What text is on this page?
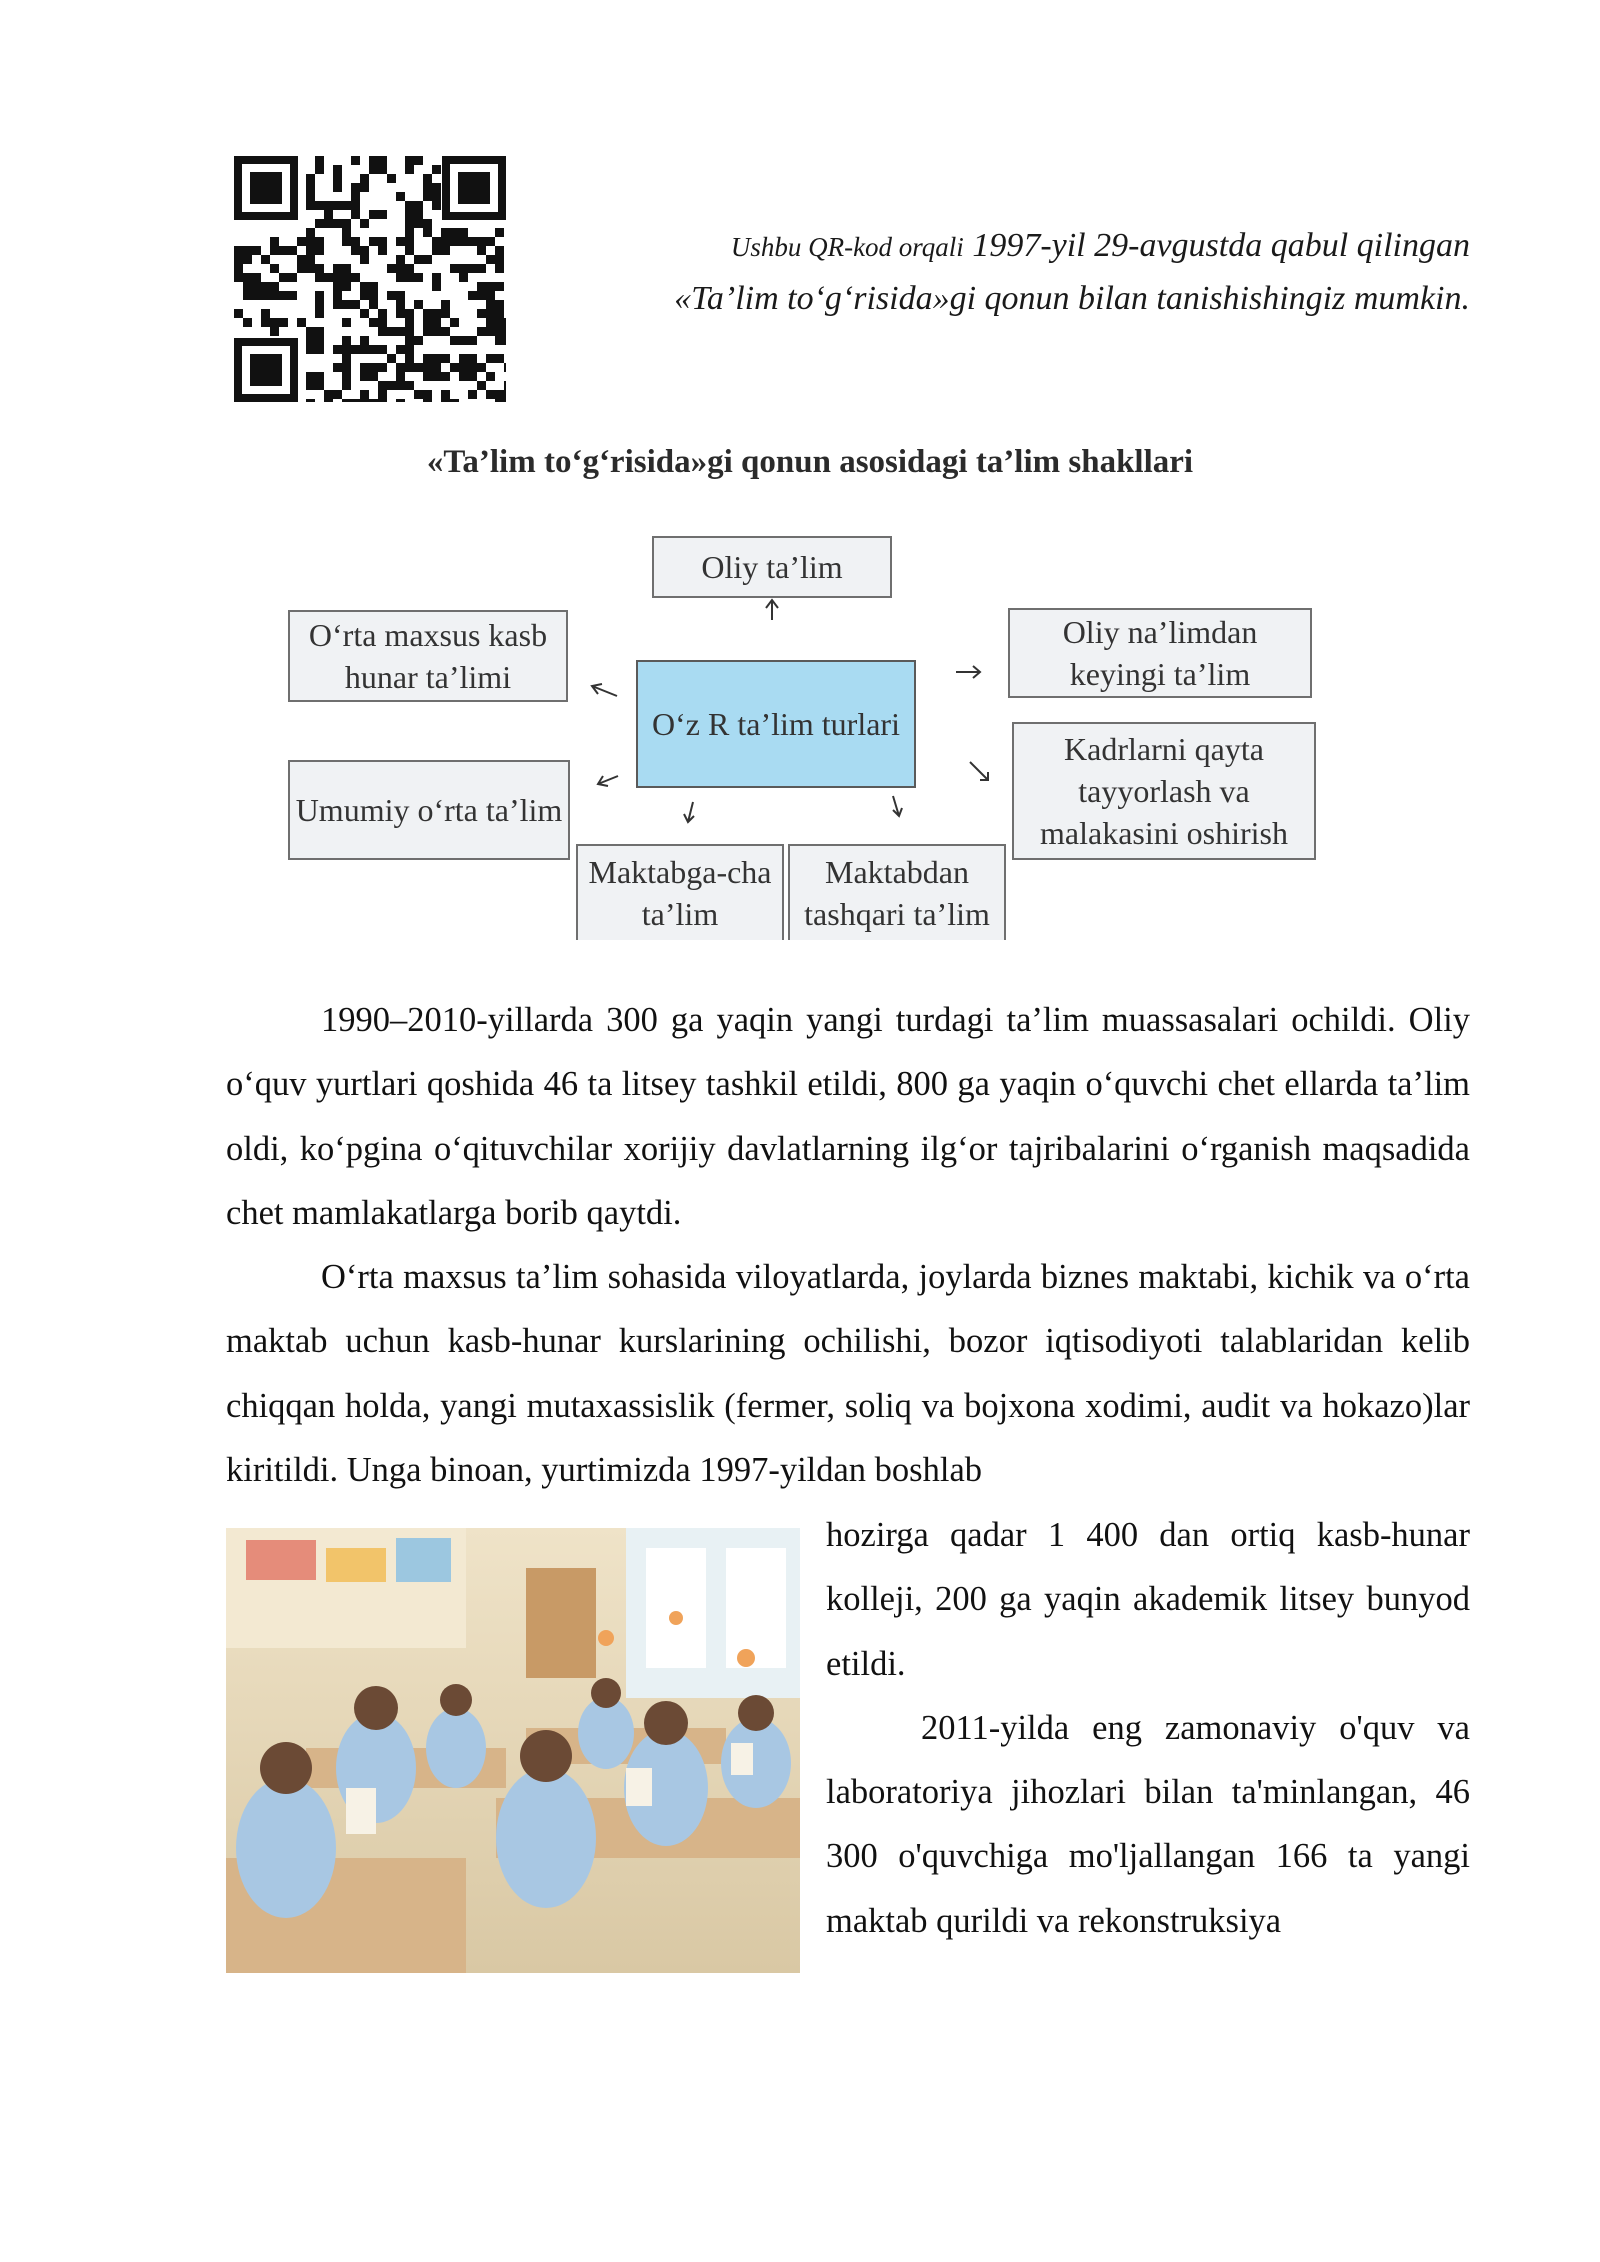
Ushbu QR-kod orqali 1997-yil 29-avgustda qabul qilingan
«Ta’lim to‘g‘risida»gi qonun bilan tanishishingiz mumkin.
«Ta’lim to‘g‘risida»gi qonun asosidagi ta’lim shakllari
Oliy ta’lim
O‘rta maxsus kasb hunar ta’limi
O‘z R ta’lim turlari
Umumiy o‘rta ta’lim
Maktabga-cha ta’lim
Maktabdan tashqari ta’lim
Oliy na’limdan keyingi ta’lim
Kadrlarni qayta tayyorlash va malakasini oshirish

1990–2010-yillarda 300 ga yaqin yangi turdagi ta’lim muassasalari ochildi. Oliy o‘quv yurtlari qoshida 46 ta litsey tashkil etildi, 800 ga yaqin o‘quvchi chet ellarda ta’lim oldi, ko‘pgina o‘qituvchilar xorijiy davlatlarning ilg‘or tajribalarini o‘rganish maqsadida chet mamlakatlarga borib qaytdi.

O‘rta maxsus ta’lim sohasida viloyatlarda, joylarda biznes maktabi, kichik va o‘rta maktab uchun kasb-hunar kurslarining ochilishi, bozor iqtisodiyoti talablaridan kelib chiqqan holda, yangi mutaxassislik (fermer, soliq va bojxona xodimi, audit va hokazo)lar kiritildi. Unga binoan, yurtimizda 1997-yildan boshlab

hozirga qadar 1 400 dan ortiq kasb-hunar kolleji, 200 ga yaqin akademik litsey bunyod etildi.

2011-yilda eng zamonaviy o'quv va laboratoriya jihozlari bilan ta'minlangan, 46 300 o'quvchiga mo'ljallangan 166 ta yangi maktab qurildi va rekonstruksiya
